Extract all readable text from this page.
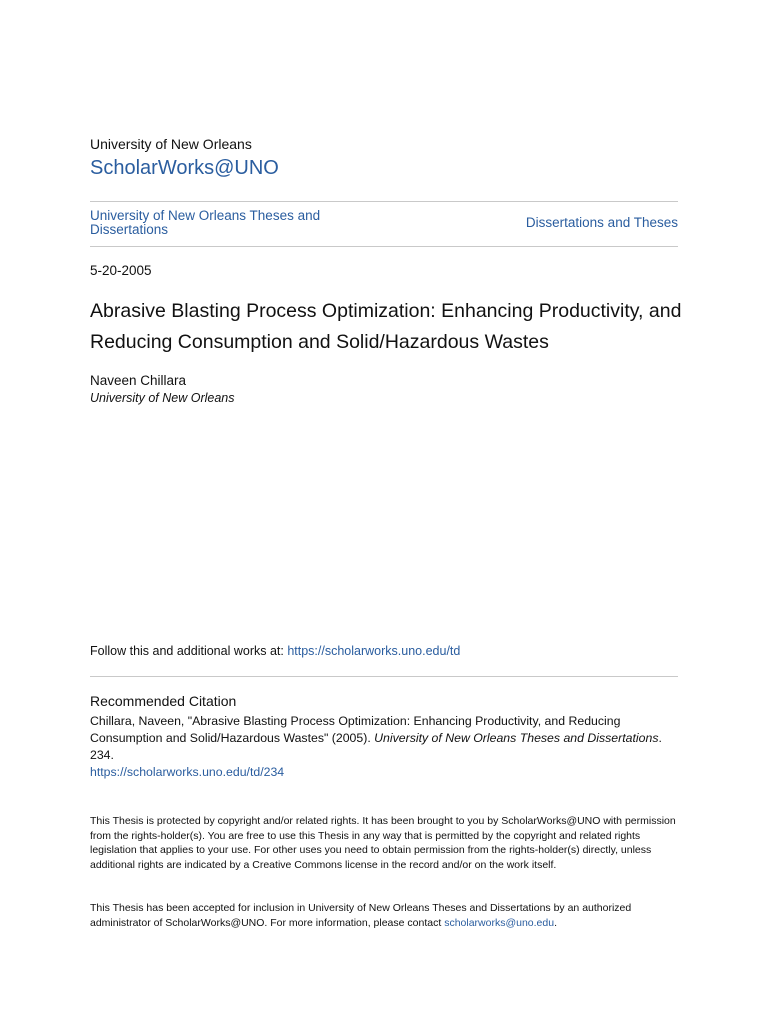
University of New Orleans
ScholarWorks@UNO
University of New Orleans Theses and Dissertations	Dissertations and Theses
5-20-2005
Abrasive Blasting Process Optimization: Enhancing Productivity, and Reducing Consumption and Solid/Hazardous Wastes
Naveen Chillara
University of New Orleans
Follow this and additional works at: https://scholarworks.uno.edu/td
Recommended Citation
Chillara, Naveen, "Abrasive Blasting Process Optimization: Enhancing Productivity, and Reducing Consumption and Solid/Hazardous Wastes" (2005). University of New Orleans Theses and Dissertations. 234.
https://scholarworks.uno.edu/td/234
This Thesis is protected by copyright and/or related rights. It has been brought to you by ScholarWorks@UNO with permission from the rights-holder(s). You are free to use this Thesis in any way that is permitted by the copyright and related rights legislation that applies to your use. For other uses you need to obtain permission from the rights-holder(s) directly, unless additional rights are indicated by a Creative Commons license in the record and/or on the work itself.
This Thesis has been accepted for inclusion in University of New Orleans Theses and Dissertations by an authorized administrator of ScholarWorks@UNO. For more information, please contact scholarworks@uno.edu.
